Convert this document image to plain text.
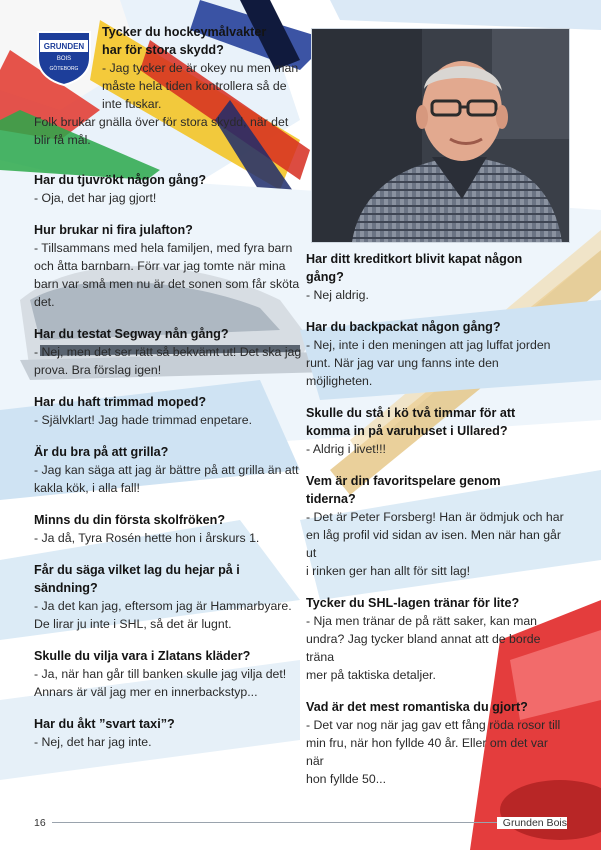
GRUNDEN
BOIS
GÖTEBORG
Tycker du hockeymålvakter
har för stora skydd?
- Jag tycker de är okey nu men man
måste hela tiden kontrollera så de
inte fuskar.
Folk brukar gnälla över för stora skydd, när det
blir få mål.
Har du tjuvrökt någon gång?
- Oja, det har jag gjort!
Hur brukar ni fira julafton?
- Tillsammans med hela familjen, med fyra barn
och åtta barnbarn. Förr var jag tomte när mina
barn var små men nu är det sonen som får sköta
det.
Har du testat Segway nån gång?
- Nej, men det ser rätt så bekvämt ut! Det ska jag
prova. Bra förslag igen!
Har du haft trimmad moped?
- Självklart! Jag hade trimmad enpetare.
Är du bra på att grilla?
- Jag kan säga att jag är bättre på att grilla än att
kakla kök, i alla fall!
Minns du din första skolfröken?
- Ja då, Tyra Rosén hette hon i årskurs 1.
Får du säga vilket lag du hejar på i
sändning?
- Ja det kan jag, eftersom jag är Hammarbyare.
De lirar ju inte i SHL, så det är lugnt.
Skulle du vilja vara i Zlatans kläder?
- Ja, när han går till banken skulle jag vilja det!
Annars är väl jag mer en innerbackstyp...
Har du åkt ”svart taxi”?
- Nej, det har jag inte.
Har ditt kreditkort blivit kapat någon
gång?
- Nej aldrig.
Har du backpackat någon gång?
- Nej, inte i den meningen att jag luffat jorden
runt. När jag var ung fanns inte den möjligheten.
Skulle du stå i kö två timmar för att
komma in på varuhuset i Ullared?
- Aldrig i livet!!!
Vem är din favoritspelare genom
tiderna?
- Det är Peter Forsberg! Han är ödmjuk och har
en låg profil vid sidan av isen. Men när han går ut
i rinken ger han allt för sitt lag!
Tycker du SHL-lagen tränar för lite?
- Nja men tränar de på rätt saker, kan man
undra? Jag tycker bland annat att de borde träna
mer på taktiska detaljer.
Vad är det mest romantiska du gjort?
- Det var nog när jag gav ett fång röda rosor till
min fru, när hon fyllde 40 år. Eller om det var när
hon fyllde 50...
16	Grunden Bois
